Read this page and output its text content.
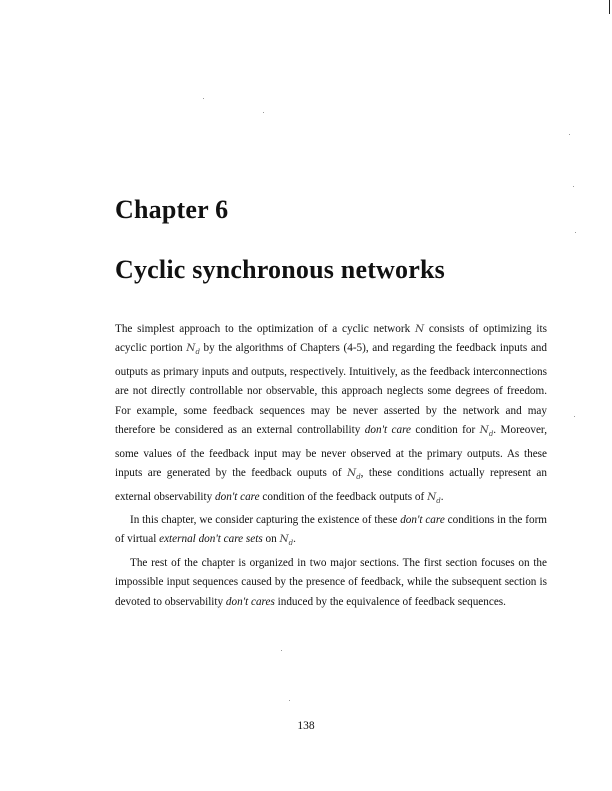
Chapter 6
Cyclic synchronous networks

The simplest approach to the optimization of a cyclic network N consists of optimizing its acyclic portion $N_d$ by the algorithms of Chapters (4-5), and regarding the feedback inputs and outputs as primary inputs and outputs, respectively. Intuitively, as the feedback interconnections are not directly controllable nor observable, this approach neglects some degrees of freedom. For example, some feedback sequences may be never asserted by the network and may therefore be considered as an external controllability don't care condition for $N_d$. Moreover, some values of the feedback input may be never observed at the primary outputs. As these inputs are generated by the feedback ouputs of $N_d$, these conditions actually represent an external observability don't care condition of the feedback outputs of $N_d$.

In this chapter, we consider capturing the existence of these don't care conditions in the form of virtual external don't care sets on $N_d$.

The rest of the chapter is organized in two major sections. The first section focuses on the impossible input sequences caused by the presence of feedback, while the subsequent section is devoted to observability don't cares induced by the equivalence of feedback sequences.

138
